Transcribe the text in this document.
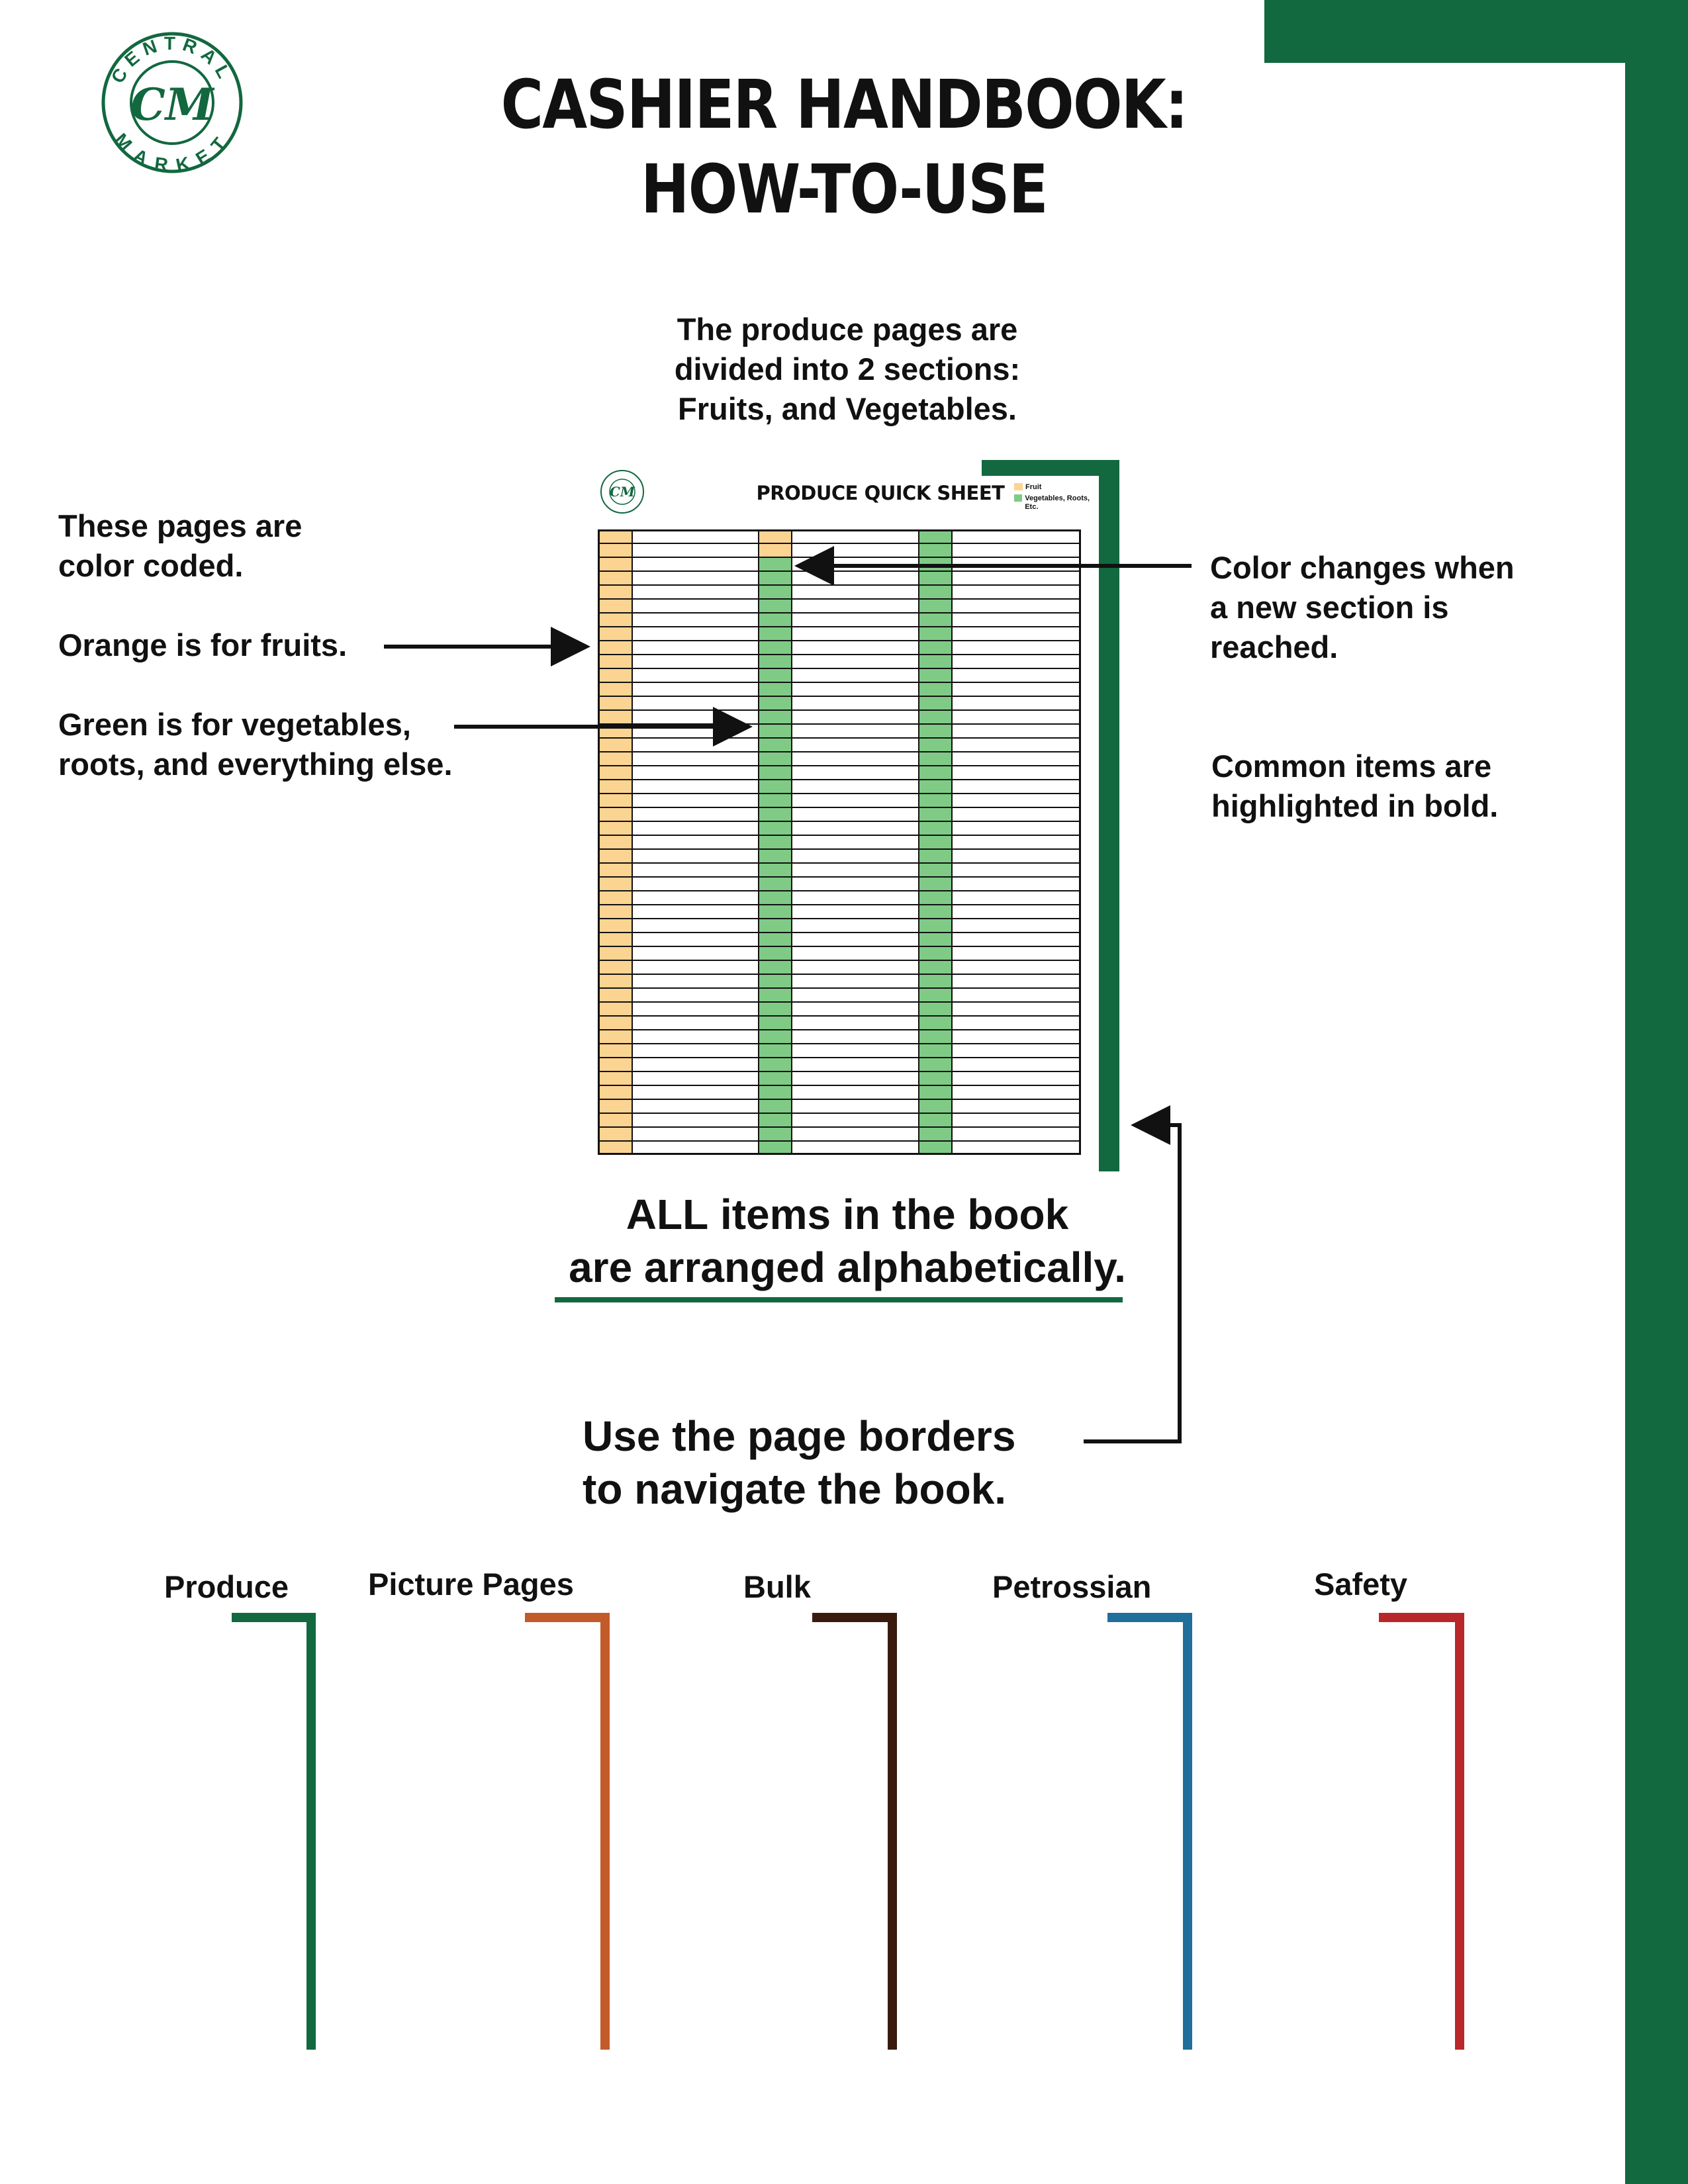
CENTRAL
MARKET
CM	CASHIER HANDBOOK:
HOW-TO-USE
The produce pages are
divided into 2 sections:
Fruits, and Vegetables.
These pages are
color coded.
Orange is for fruits.
Green is for vegetables,
roots, and everything else.
Color changes when
a new section is
reached.
Common items are
highlighted in bold.
CM	PRODUCE QUICK SHEET	Fruit
Vegetables, Roots, Etc.
ALL items in the book
are arranged alphabetically.
Use the page borders
to navigate the book.
Produce	Picture Pages	Bulk	Petrossian	Safety
